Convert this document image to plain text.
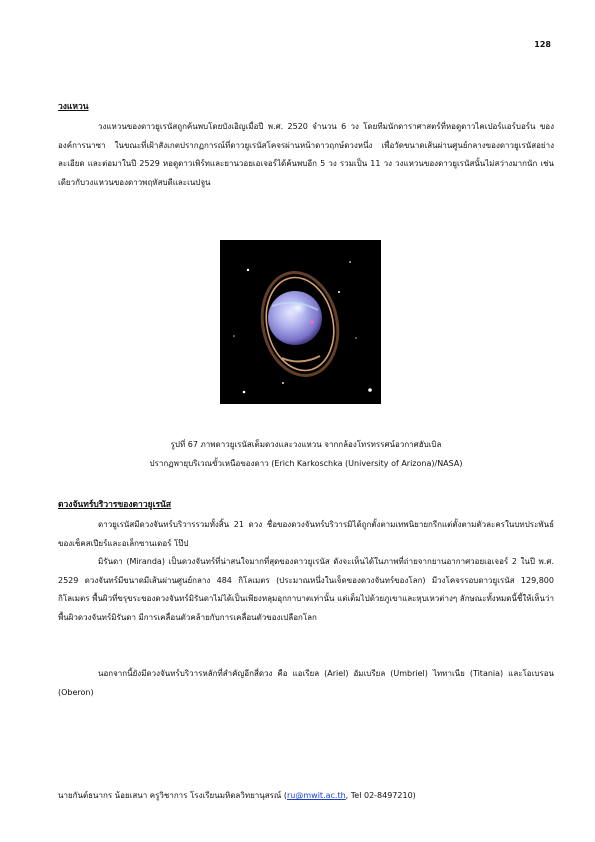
128
วงแหวน

วงแหวนของดาวยูเรนัสถูกค้นพบโดยบังเอิญเมื่อปี พ.ศ. 2520 จำนวน 6 วง โดยทีมนักดาราศาสตร์ที่หอดูดาวไคเปอร์แอร์บอร์น ขององค์การนาซา ในขณะที่เฝ้าสังเกตปรากฏการณ์ที่ดาวยูเรนัสโคจรผ่านหน้าดาวฤกษ์ดวงหนึ่ง เพื่อวัดขนาดเส้นผ่านศูนย์กลางของดาวยูเรนัสอย่างละเอียด และต่อมาในปี 2529 หอดูดาวเพิร์ทและยานวอยเอเจอร์ได้ค้นพบอีก 5 วง รวมเป็น 11 วง วงแหวนของดาวยูเรนัสนั้นไม่สว่างมากนัก เช่นเดียวกับวงแหวนของดาวพฤหัสบดีและเนปจูน

รูปที่ 67 ภาพดาวยูเรนัสเต็มดวงและวงแหวน จากกล้องโทรทรรศน์อวกาศฮับเบิล

ปรากฏพายุบริเวณขั้วเหนือของดาว (Erich Karkoschka (University of Arizona)/NASA)

ดวงจันทร์บริวารของดาวยูเรนัส

ดาวยูเรนัสมีดวงจันทร์บริวารรวมทั้งสิ้น 21 ดวง ชื่อของดวงจันทร์บริวารมิได้ถูกตั้งตามเทพนิยายกรีกแต่ตั้งตามตัวละครในบทประพันธ์ของเช็คสเปียร์และอเล็กซานเดอร์ โป๊ป

มิรันดา (Miranda) เป็นดวงจันทร์ที่น่าสนใจมากที่สุดของดาวยูเรนัส ดังจะเห็นได้ในภาพที่ถ่ายจากยานอากาศวอยเอเจอร์ 2 ในปี พ.ศ. 2529 ดวงจันทร์มีขนาดมีเส้นผ่านศูนย์กลาง 484 กิโลเมตร (ประมาณหนึ่งในเจ็ดของดวงจันทร์ของโลก) มีวงโคจรรอบดาวยูเรนัส 129,800 กิโลเมตร พื้นผิวที่ขรุขระของดวงจันทร์มิรันดาไม่ได้เป็นเพียงหลุมอุกกาบาตเท่านั้น แต่เต็มไปด้วยภูเขาและหุบเหวต่างๆ ลักษณะทั้งหมดนี้ชี้ให้เห็นว่าพื้นผิวดวงจันทร์มิรันดา มีการเคลื่อนตัวคล้ายกับการเคลื่อนตัวของเปลือกโลก

นอกจากนี้ยังมีดวงจันทร์บริวารหลักที่สำคัญอีกสี่ดวง คือ แอเรียล (Ariel) อัมเบรียล (Umbriel) ไททาเนีย (Titania) และโอเบรอน (Oberon)

นายกันต์ธนากร น้อยเสนา ครูวิชาการ โรงเรียนมหิดลวิทยานุสรณ์ (ru@mwit.ac.th, Tel 02-8497210)
